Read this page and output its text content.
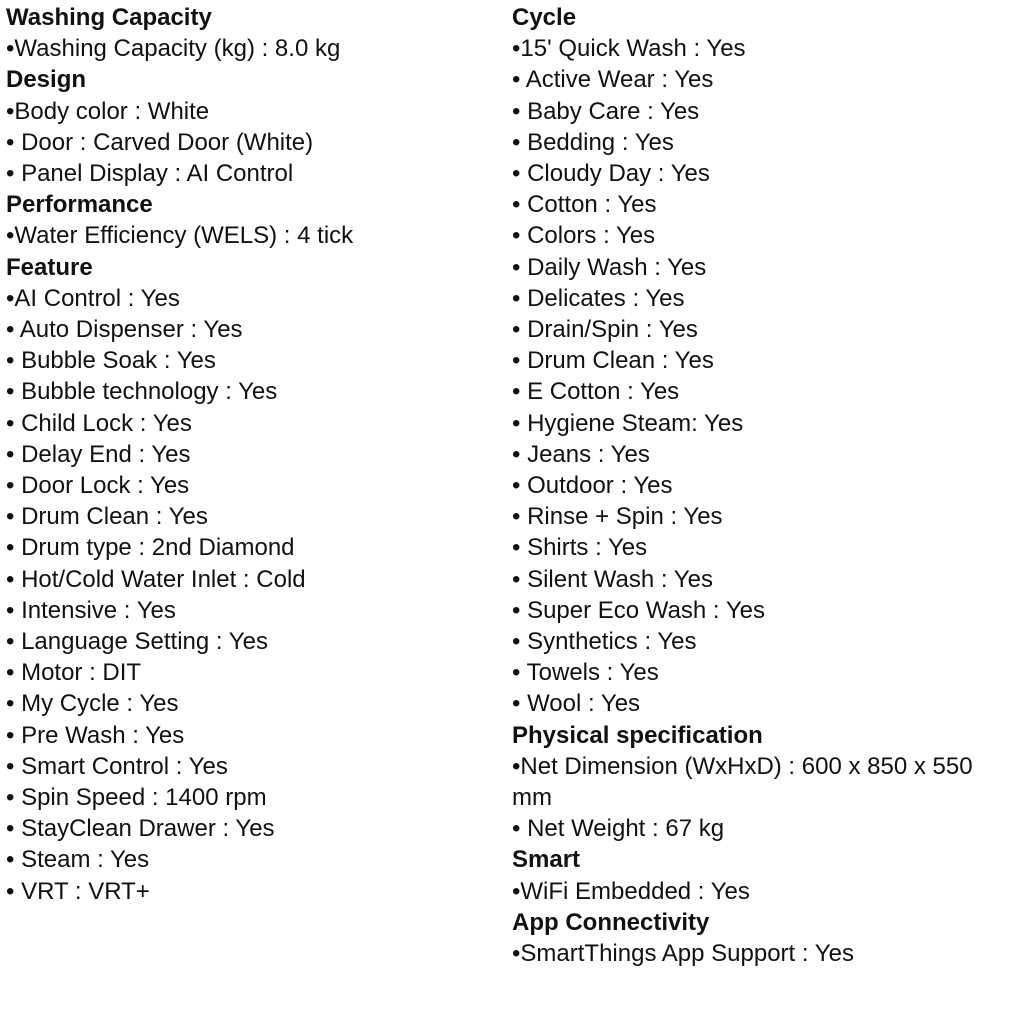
Washing Capacity
•Washing Capacity (kg) : 8.0 kg
Design
•Body color : White
• Door : Carved Door (White)
• Panel Display : AI Control
Performance
•Water Efficiency (WELS) : 4 tick
Feature
•AI Control : Yes
• Auto Dispenser : Yes
• Bubble Soak : Yes
• Bubble technology : Yes
• Child Lock : Yes
• Delay End : Yes
• Door Lock : Yes
• Drum Clean : Yes
• Drum type : 2nd Diamond
• Hot/Cold Water Inlet : Cold
• Intensive : Yes
• Language Setting : Yes
• Motor : DIT
• My Cycle : Yes
• Pre Wash : Yes
• Smart Control : Yes
• Spin Speed : 1400 rpm
• StayClean Drawer : Yes
• Steam : Yes
• VRT : VRT+
Cycle
•15' Quick Wash : Yes
• Active Wear : Yes
• Baby Care : Yes
• Bedding : Yes
• Cloudy Day : Yes
• Cotton : Yes
• Colors : Yes
• Daily Wash : Yes
• Delicates : Yes
• Drain/Spin : Yes
• Drum Clean : Yes
• E Cotton : Yes
• Hygiene Steam: Yes
• Jeans : Yes
• Outdoor : Yes
• Rinse + Spin : Yes
• Shirts : Yes
• Silent Wash : Yes
• Super Eco Wash : Yes
• Synthetics : Yes
• Towels : Yes
• Wool : Yes
Physical specification
•Net Dimension (WxHxD) : 600 x 850 x 550 mm
• Net Weight : 67 kg
Smart
•WiFi Embedded : Yes
App Connectivity
•SmartThings App Support : Yes
